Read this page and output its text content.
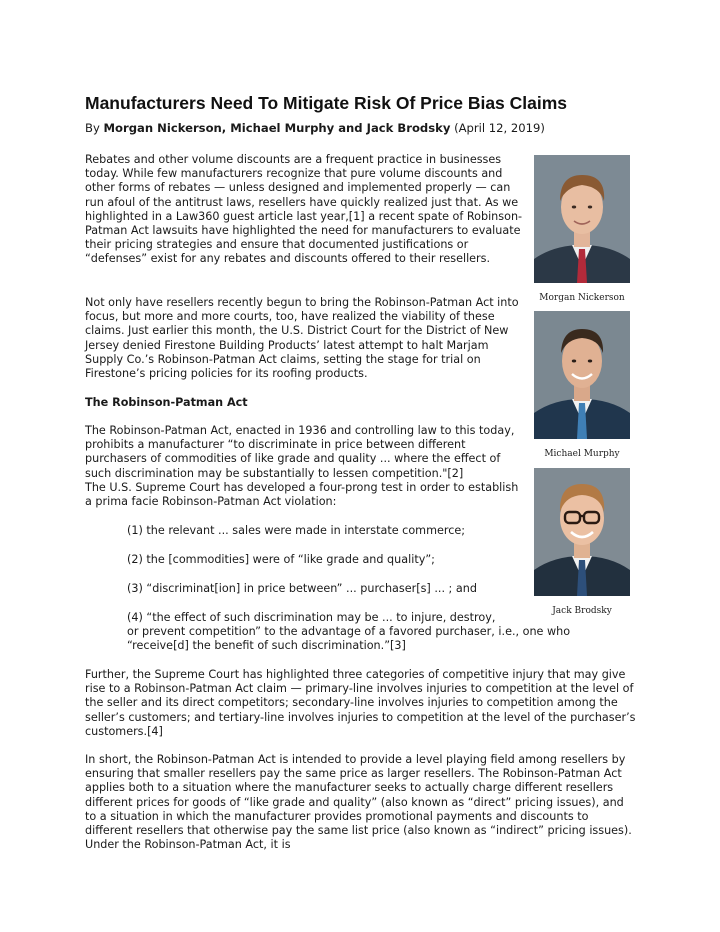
Manufacturers Need To Mitigate Risk Of Price Bias Claims

By Morgan Nickerson, Michael Murphy and Jack Brodsky (April 12, 2019)

Rebates and other volume discounts are a frequent practice in businesses today. While few manufacturers recognize that pure volume discounts and other forms of rebates — unless designed and implemented properly — can run afoul of the antitrust laws, resellers have quickly realized just that. As we highlighted in a Law360 guest article last year,[1] a recent spate of Robinson-Patman Act lawsuits have highlighted the need for manufacturers to evaluate their pricing strategies and ensure that documented justifications or “defenses” exist for any rebates and discounts offered to their resellers.

Not only have resellers recently begun to bring the Robinson-Patman Act into focus, but more and more courts, too, have realized the viability of these claims. Just earlier this month, the U.S. District Court for the District of New Jersey denied Firestone Building Products’ latest attempt to halt Marjam Supply Co.’s Robinson-Patman Act claims, setting the stage for trial on Firestone’s pricing policies for its roofing products.

The Robinson-Patman Act

The Robinson-Patman Act, enacted in 1936 and controlling law to this today, prohibits a manufacturer “to discriminate in price between different purchasers of commodities of like grade and quality ... where the effect of such discrimination may be substantially to lessen competition."[2]

The U.S. Supreme Court has developed a four-prong test in order to establish a prima facie Robinson-Patman Act violation:

(1) the relevant ... sales were made in interstate commerce;

(2) the [commodities] were of “like grade and quality”;

(3) “discriminat[ion] in price between” ... purchaser[s] ... ; and

(4) “the effect of such discrimination may be ... to injure, destroy,

or prevent competition” to the advantage of a favored purchaser, i.e., one who “receive[d] the benefit of such discrimination.”[3]

Further, the Supreme Court has highlighted three categories of competitive injury that may give rise to a Robinson-Patman Act claim — primary-line involves injuries to competition at the level of the seller and its direct competitors; secondary-line involves injuries to competition among the seller’s customers; and tertiary-line involves injuries to competition at the level of the purchaser’s customers.[4]

In short, the Robinson-Patman Act is intended to provide a level playing field among resellers by ensuring that smaller resellers pay the same price as larger resellers. The Robinson-Patman Act applies both to a situation where the manufacturer seeks to actually charge different resellers different prices for goods of “like grade and quality” (also known as “direct” pricing issues), and to a situation in which the manufacturer provides promotional payments and discounts to different resellers that otherwise pay the same list price (also known as “indirect” pricing issues). Under the Robinson-Patman Act, it is

Morgan Nickerson

Michael Murphy

Jack Brodsky
